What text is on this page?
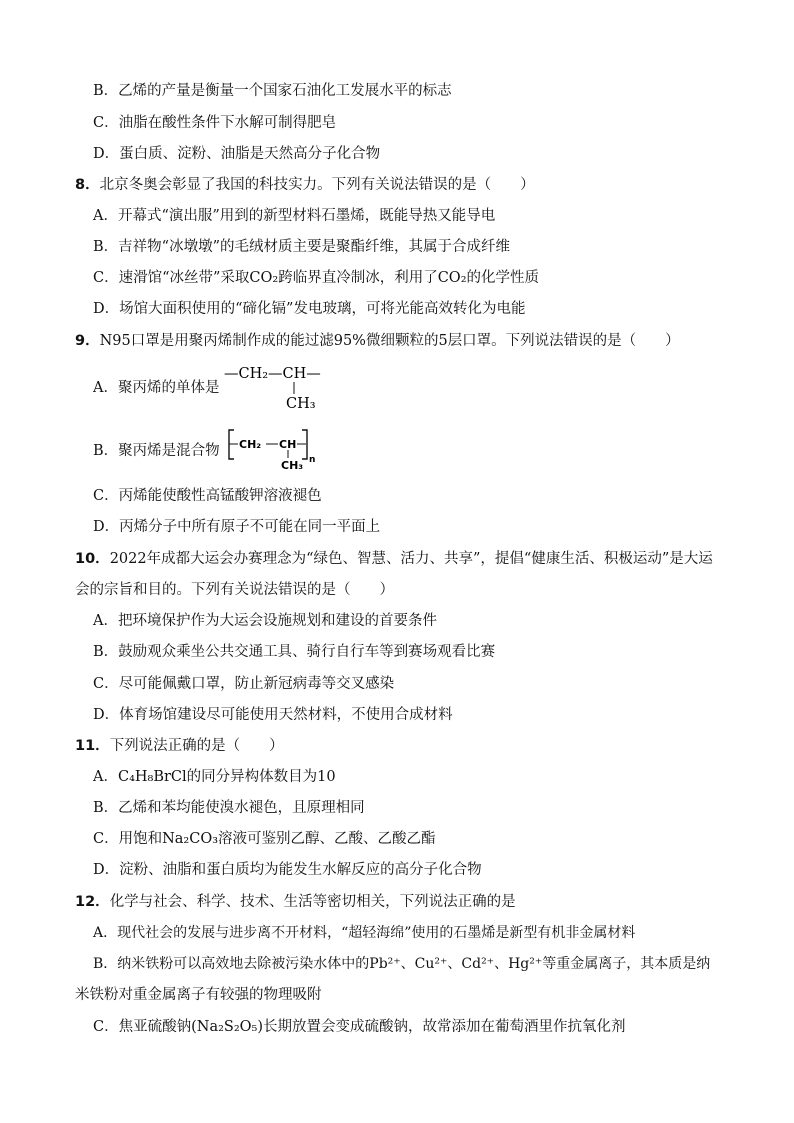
B．乙烯的产量是衡量一个国家石油化工发展水平的标志
C．油脂在酸性条件下水解可制得肥皂
D．蛋白质、淀粉、油脂是天然高分子化合物
8．北京冬奥会彰显了我国的科技实力。下列有关说法错误的是（　　）
A．开幕式“演出服”用到的新型材料石墨烯，既能导热又能导电
B．吉祥物“冰墩墩”的毛绒材质主要是聚酯纤维，其属于合成纤维
C．速滑馆“冰丝带”采取CO₂跨临界直冷制冰，利用了CO₂的化学性质
D．场馆大面积使用的“碲化镉”发电玻璃，可将光能高效转化为电能
9．N95口罩是用聚丙烯制作成的能过滤95%微细颗粒的5层口罩。下列说法错误的是（　　）
A．聚丙烯的单体是
—CH₂—CH—
CH₃
B．聚丙烯是混合物 CH₂ CH
CH₃ n
C．丙烯能使酸性高锰酸钾溶液褪色
D．丙烯分子中所有原子不可能在同一平面上
10．2022年成都大运会办赛理念为“绿色、智慧、活力、共享”，提倡“健康生活、积极运动”是大运
会的宗旨和目的。下列有关说法错误的是（　　）
A．把环境保护作为大运会设施规划和建设的首要条件
B．鼓励观众乘坐公共交通工具、骑行自行车等到赛场观看比赛
C．尽可能佩戴口罩，防止新冠病毒等交叉感染
D．体育场馆建设尽可能使用天然材料，不使用合成材料
11．下列说法正确的是（　　）
A．C₄H₈BrCl的同分异构体数目为10
B．乙烯和苯均能使溴水褪色，且原理相同
C．用饱和Na₂CO₃溶液可鉴别乙醇、乙酸、乙酸乙酯
D．淀粉、油脂和蛋白质均为能发生水解反应的高分子化合物
12．化学与社会、科学、技术、生活等密切相关，下列说法正确的是
A．现代社会的发展与进步离不开材料，“超轻海绵”使用的石墨烯是新型有机非金属材料
B．纳米铁粉可以高效地去除被污染水体中的Pb²⁺、Cu²⁺、Cd²⁺、Hg²⁺等重金属离子，其本质是纳
米铁粉对重金属离子有较强的物理吸附
C．焦亚硫酸钠(Na₂S₂O₅)长期放置会变成硫酸钠，故常添加在葡萄酒里作抗氧化剂
